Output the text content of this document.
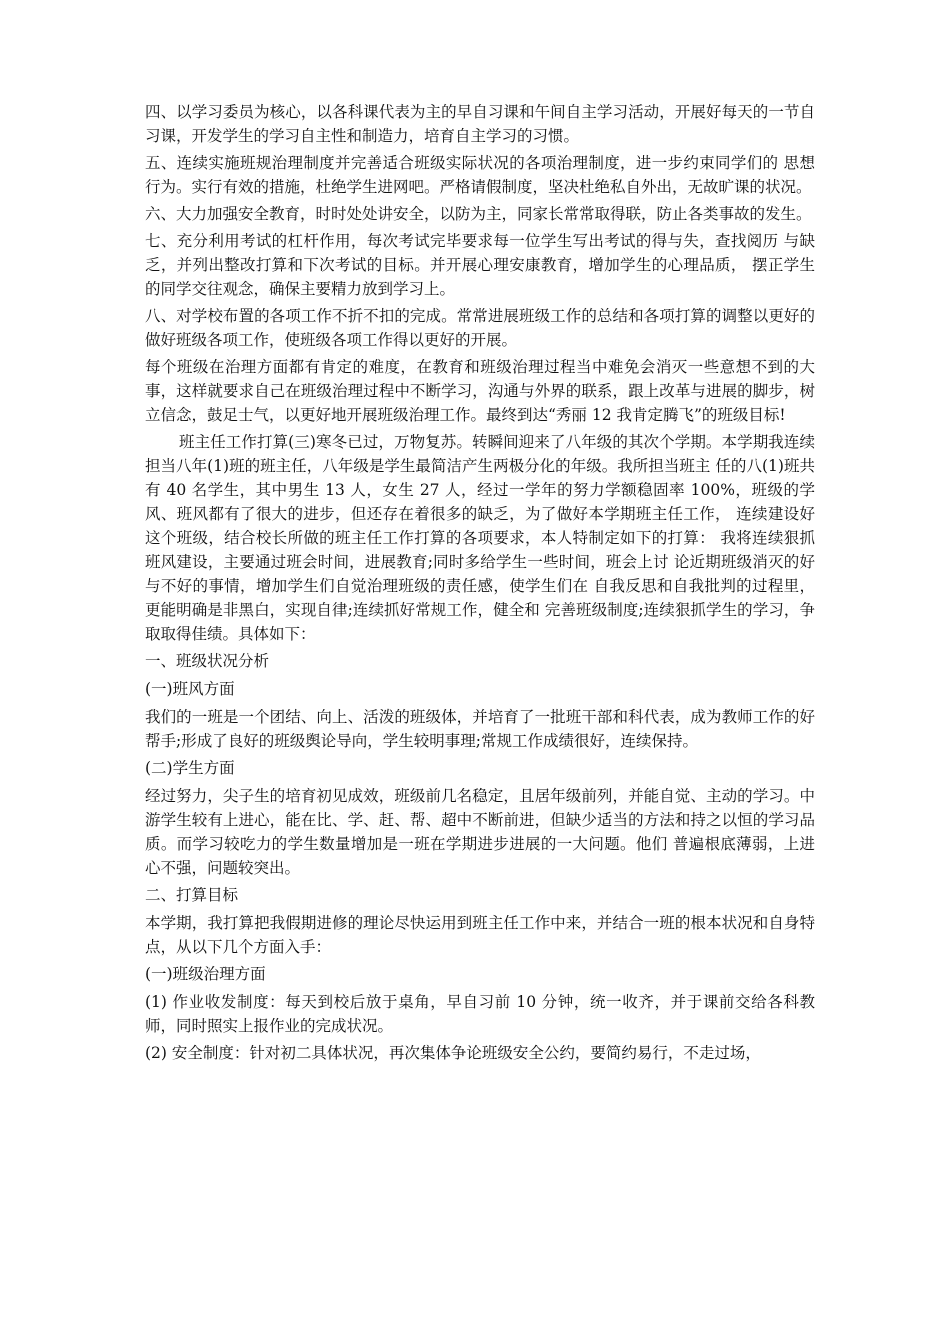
四、以学习委员为核心，以各科课代表为主的早自习课和午间自主学习活动，开展好每天的一节自习课，开发学生的学习自主性和制造力，培育自主学习的习惯。

五、连续实施班规治理制度并完善适合班级实际状况的各项治理制度，进一步约束同学们的 思想行为。实行有效的措施，杜绝学生进网吧。严格请假制度，坚决杜绝私自外出，无故旷课的状况。

六、大力加强安全教育，时时处处讲安全，以防为主，同家长常常取得联，防止各类事故的发生。

七、充分利用考试的杠杆作用，每次考试完毕要求每一位学生写出考试的得与失，查找阅历 与缺乏，并列出整改打算和下次考试的目标。并开展心理安康教育，增加学生的心理品质， 摆正学生的同学交往观念，确保主要精力放到学习上。

八、对学校布置的各项工作不折不扣的完成。常常进展班级工作的总结和各项打算的调整以更好的做好班级各项工作，使班级各项工作得以更好的开展。

每个班级在治理方面都有肯定的难度，在教育和班级治理过程当中难免会消灭一些意想不到的大事，这样就要求自己在班级治理过程中不断学习，沟通与外界的联系，跟上改革与进展的脚步，树立信念，鼓足士气，以更好地开展班级治理工作。最终到达“秀丽 12 我肯定腾飞”的班级目标!

班主任工作打算(三)寒冬已过，万物复苏。转瞬间迎来了八年级的其次个学期。本学期我连续担当八年(1)班的班主任，八年级是学生最简洁产生两极分化的年级。我所担当班主 任的八(1)班共有 40 名学生，其中男生 13 人，女生 27 人，经过一学年的努力学额稳固率 100%，班级的学风、班风都有了很大的进步，但还存在着很多的缺乏，为了做好本学期班主任工作， 连续建设好这个班级，结合校长所做的班主任工作打算的各项要求，本人特制定如下的打算： 我将连续狠抓班风建设，主要通过班会时间，进展教育;同时多给学生一些时间，班会上讨 论近期班级消灭的好与不好的事情，增加学生们自觉治理班级的责任感，使学生们在 自我反思和自我批判的过程里，更能明确是非黑白，实现自律;连续抓好常规工作，健全和 完善班级制度;连续狠抓学生的学习，争取取得佳绩。具体如下：

一、班级状况分析

(一)班风方面

我们的一班是一个团结、向上、活泼的班级体，并培育了一批班干部和科代表，成为教师工作的好帮手;形成了良好的班级舆论导向，学生较明事理;常规工作成绩很好，连续保持。

(二)学生方面

经过努力，尖子生的培育初见成效，班级前几名稳定，且居年级前列，并能自觉、主动的学习。中游学生较有上进心，能在比、学、赶、帮、超中不断前进，但缺少适当的方法和持之以恒的学习品质。而学习较吃力的学生数量增加是一班在学期进步进展的一大问题。他们 普遍根底薄弱，上进心不强，问题较突出。

二、打算目标

本学期，我打算把我假期进修的理论尽快运用到班主任工作中来，并结合一班的根本状况和自身特点，从以下几个方面入手：

(一)班级治理方面

(1) 作业收发制度：每天到校后放于桌角，早自习前 10 分钟，统一收齐，并于课前交给各科教师，同时照实上报作业的完成状况。

(2) 安全制度：针对初二具体状况，再次集体争论班级安全公约，要简约易行，不走过场，
